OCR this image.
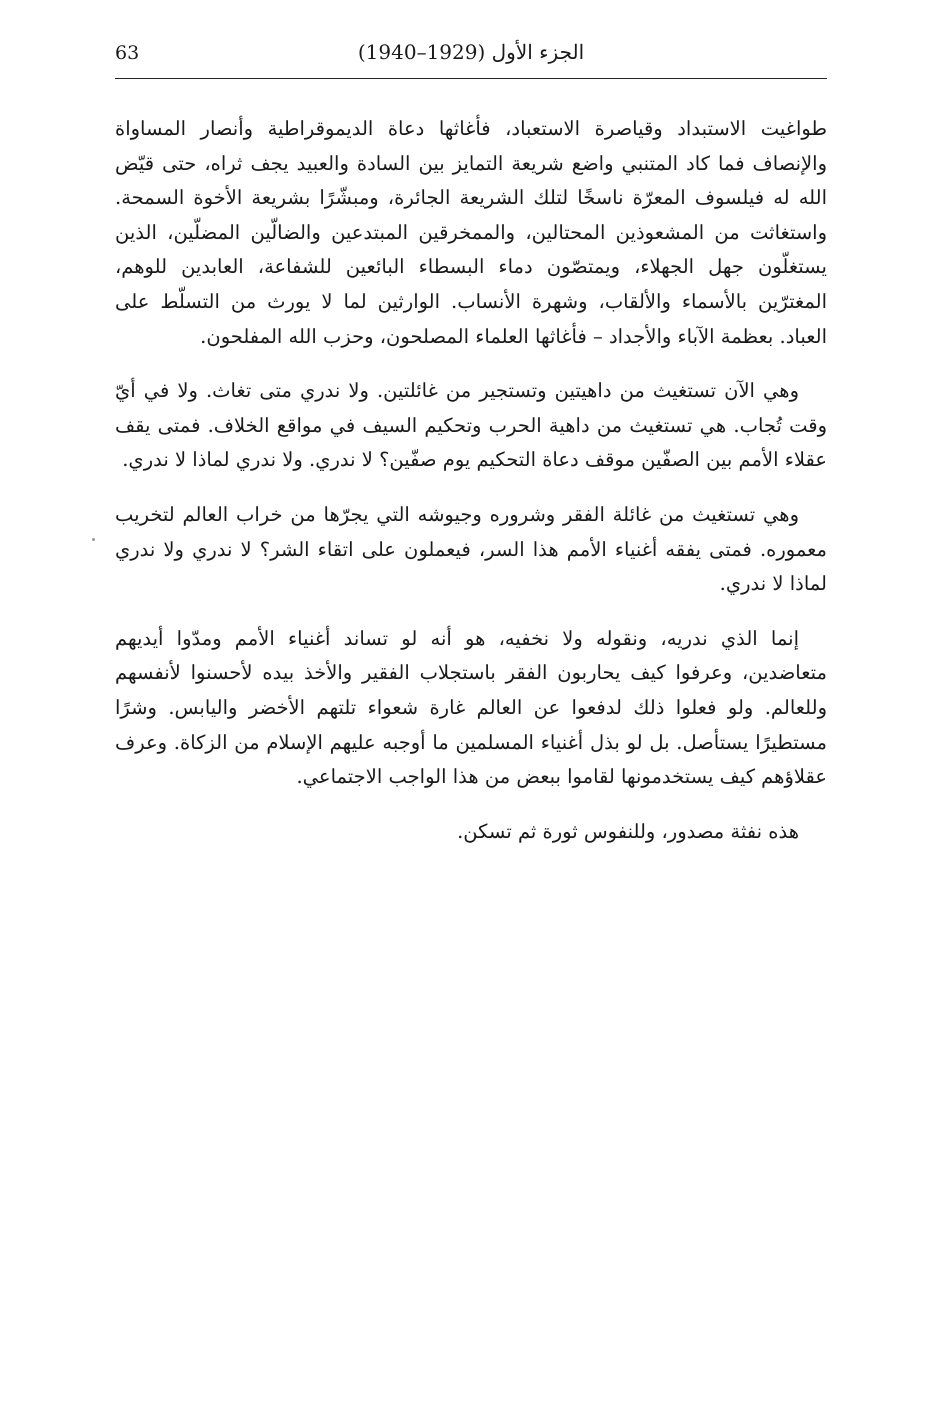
63	الجزء الأول (1929–1940)

طواغيت الاستبداد وقياصرة الاستعباد، فأغاثها دعاة الديموقراطية وأنصار المساواة والإنصاف فما كاد المتنبي واضع شريعة التمايز بين السادة والعبيد يجف ثراه، حتى قيّض الله له فيلسوف المعرّة ناسخًا لتلك الشريعة الجائرة، ومبشّرًا بشريعة الأخوة السمحة. واستغاثت من المشعوذين المحتالين، والممخرقين المبتدعين والضالّين المضلّين، الذين يستغلّون جهل الجهلاء، ويمتصّون دماء البسطاء البائعين للشفاعة، العابدين للوهم، المغترّين بالأسماء والألقاب، وشهرة الأنساب. الوارثين لما لا يورث من التسلّط على العباد. بعظمة الآباء والأجداد – فأغاثها العلماء المصلحون، وحزب الله المفلحون.

وهي الآن تستغيث من داهيتين وتستجير من غائلتين. ولا ندري متى تغاث. ولا في أيّ وقت تُجاب. هي تستغيث من داهية الحرب وتحكيم السيف في مواقع الخلاف. فمتى يقف عقلاء الأمم بين الصفّين موقف دعاة التحكيم يوم صفّين؟ لا ندري. ولا ندري لماذا لا ندري.

وهي تستغيث من غائلة الفقر وشروره وجيوشه التي يجرّها من خراب العالم لتخريب معموره. فمتى يفقه أغنياء الأمم هذا السر، فيعملون على اتقاء الشر؟ لا ندري ولا ندري لماذا لا ندري.

إنما الذي ندريه، ونقوله ولا نخفيه، هو أنه لو تساند أغنياء الأمم ومدّوا أيديهم متعاضدين، وعرفوا كيف يحاربون الفقر باستجلاب الفقير والأخذ بيده لأحسنوا لأنفسهم وللعالم. ولو فعلوا ذلك لدفعوا عن العالم غارة شعواء تلتهم الأخضر واليابس. وشرًا مستطيرًا يستأصل. بل لو بذل أغنياء المسلمين ما أوجبه عليهم الإسلام من الزكاة. وعرف عقلاؤهم كيف يستخدمونها لقاموا ببعض من هذا الواجب الاجتماعي.

هذه نفثة مصدور، وللنفوس ثورة ثم تسكن.
